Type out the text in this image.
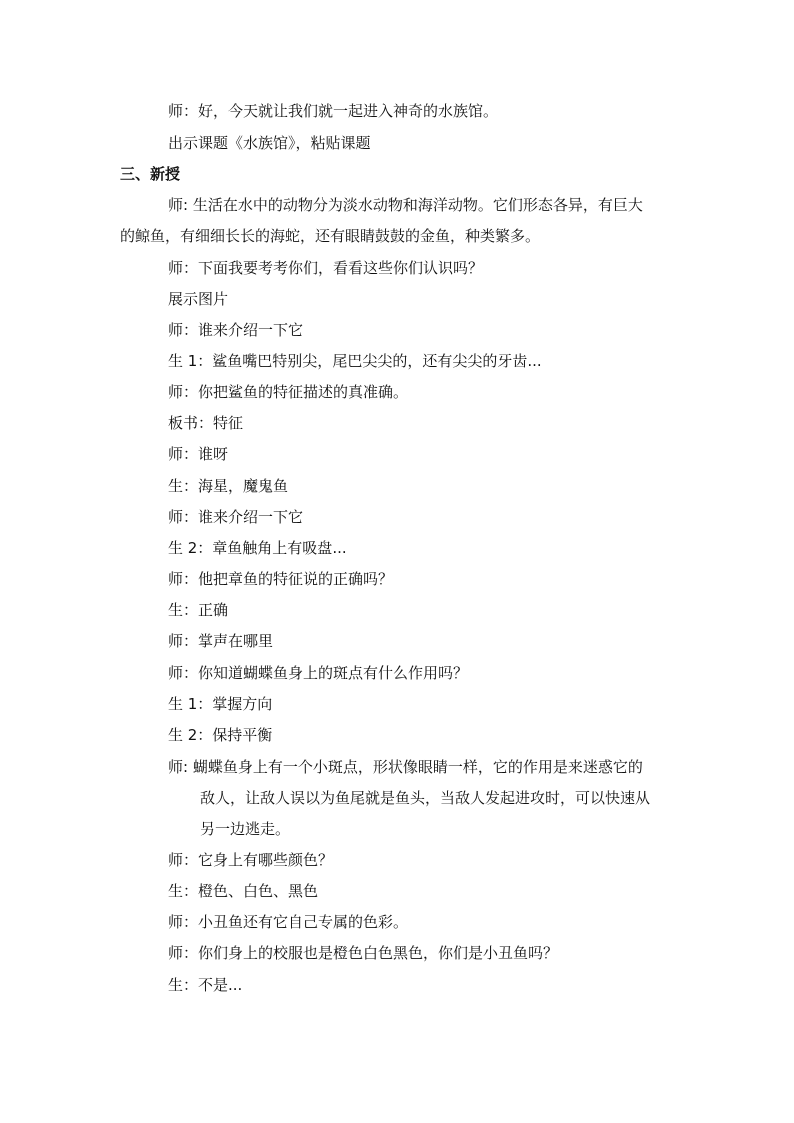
师：好，今天就让我们就一起进入神奇的水族馆。
出示课题《水族馆》，粘贴课题
三、新授
师: 生活在水中的动物分为淡水动物和海洋动物。它们形态各异，有巨大
的鲸鱼，有细细长长的海蛇，还有眼睛鼓鼓的金鱼，种类繁多。
师：下面我要考考你们，看看这些你们认识吗？
展示图片
师：谁来介绍一下它
生 1：鲨鱼嘴巴特别尖，尾巴尖尖的，还有尖尖的牙齿...
师：你把鲨鱼的特征描述的真准确。
板书：特征
师：谁呀
生：海星，魔鬼鱼
师：谁来介绍一下它
生 2：章鱼触角上有吸盘...
师：他把章鱼的特征说的正确吗？
生：正确
师：掌声在哪里
师：你知道蝴蝶鱼身上的斑点有什么作用吗？
生 1：掌握方向
生 2：保持平衡
师: 蝴蝶鱼身上有一个小斑点，形状像眼睛一样，它的作用是来迷惑它的
敌人，让敌人误以为鱼尾就是鱼头，当敌人发起进攻时，可以快速从
另一边逃走。
师：它身上有哪些颜色？
生：橙色、白色、黑色
师：小丑鱼还有它自己专属的色彩。
师：你们身上的校服也是橙色白色黑色，你们是小丑鱼吗？
生：不是...
